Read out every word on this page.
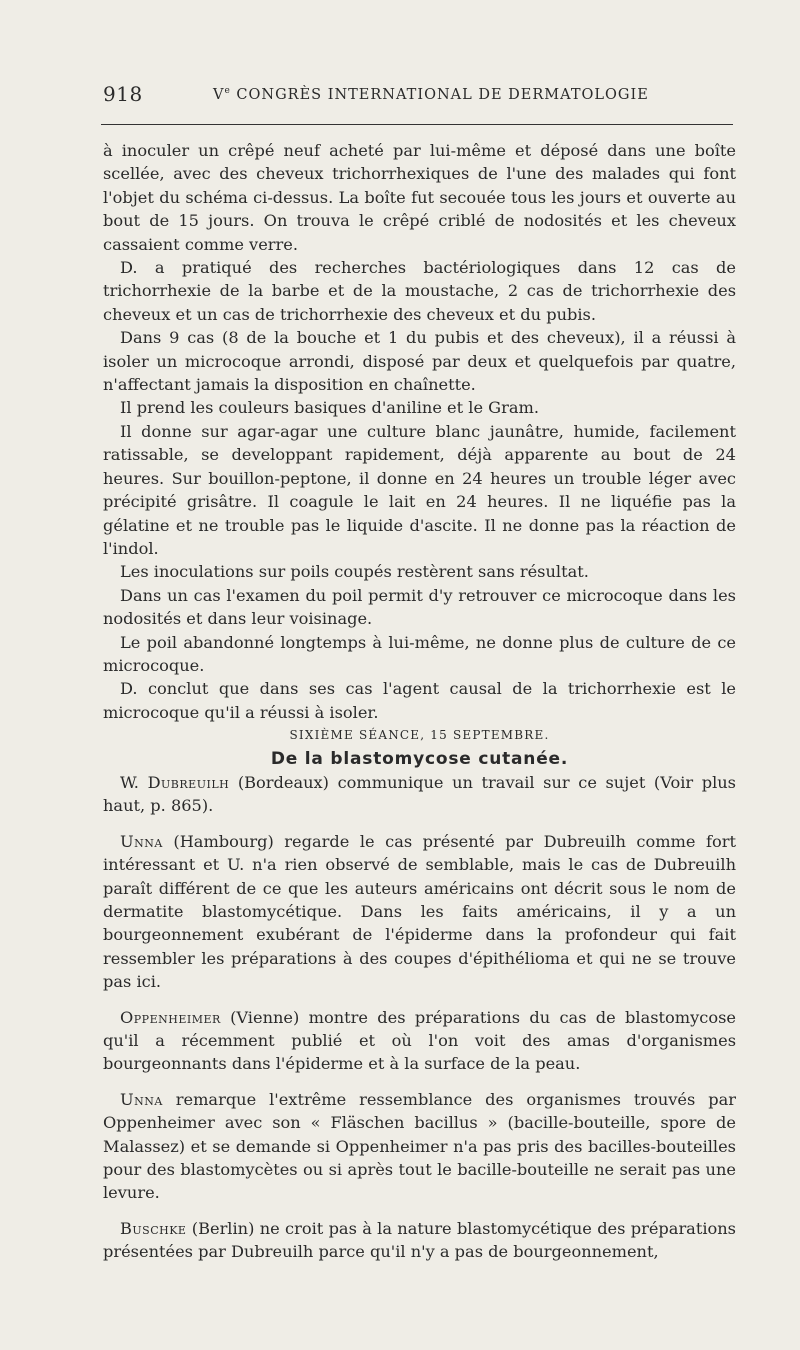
918	Ve CONGRÈS INTERNATIONAL DE DERMATOLOGIE

à inoculer un crêpé neuf acheté par lui-même et déposé dans une boîte scellée, avec des cheveux trichorrhexiques de l'une des malades qui font l'objet du schéma ci-dessus. La boîte fut secouée tous les jours et ouverte au bout de 15 jours. On trouva le crêpé criblé de nodosités et les cheveux cassaient comme verre.

D. a pratiqué des recherches bactériologiques dans 12 cas de trichorrhexie de la barbe et de la moustache, 2 cas de trichorrhexie des cheveux et un cas de trichorrhexie des cheveux et du pubis.

Dans 9 cas (8 de la bouche et 1 du pubis et des cheveux), il a réussi à isoler un microcoque arrondi, disposé par deux et quelquefois par quatre, n'affectant jamais la disposition en chaînette.

Il prend les couleurs basiques d'aniline et le Gram.

Il donne sur agar-agar une culture blanc jaunâtre, humide, facilement ratissable, se developpant rapidement, déjà apparente au bout de 24 heures. Sur bouillon-peptone, il donne en 24 heures un trouble léger avec précipité grisâtre. Il coagule le lait en 24 heures. Il ne liquéfie pas la gélatine et ne trouble pas le liquide d'ascite. Il ne donne pas la réaction de l'indol.

Les inoculations sur poils coupés restèrent sans résultat.

Dans un cas l'examen du poil permit d'y retrouver ce microcoque dans les nodosités et dans leur voisinage.

Le poil abandonné longtemps à lui-même, ne donne plus de culture de ce microcoque.

D. conclut que dans ses cas l'agent causal de la trichorrhexie est le microcoque qu'il a réussi à isoler.

SIXIÈME SÉANCE, 15 SEPTEMBRE.

De la blastomycose cutanée.

W. Dubreuilh (Bordeaux) communique un travail sur ce sujet (Voir plus haut, p. 865).

Unna (Hambourg) regarde le cas présenté par Dubreuilh comme fort intéressant et U. n'a rien observé de semblable, mais le cas de Dubreuilh paraît différent de ce que les auteurs américains ont décrit sous le nom de dermatite blastomycétique. Dans les faits américains, il y a un bourgeonnement exubérant de l'épiderme dans la profondeur qui fait ressembler les préparations à des coupes d'épithélioma et qui ne se trouve pas ici.

Oppenheimer (Vienne) montre des préparations du cas de blastomycose qu'il a récemment publié et où l'on voit des amas d'organismes bourgeonnants dans l'épiderme et à la surface de la peau.

Unna remarque l'extrême ressemblance des organismes trouvés par Oppenheimer avec son « Fläschen bacillus » (bacille-bouteille, spore de Malassez) et se demande si Oppenheimer n'a pas pris des bacilles-bouteilles pour des blastomycètes ou si après tout le bacille-bouteille ne serait pas une levure.

Buschke (Berlin) ne croit pas à la nature blastomycétique des préparations présentées par Dubreuilh parce qu'il n'y a pas de bourgeonnement,
